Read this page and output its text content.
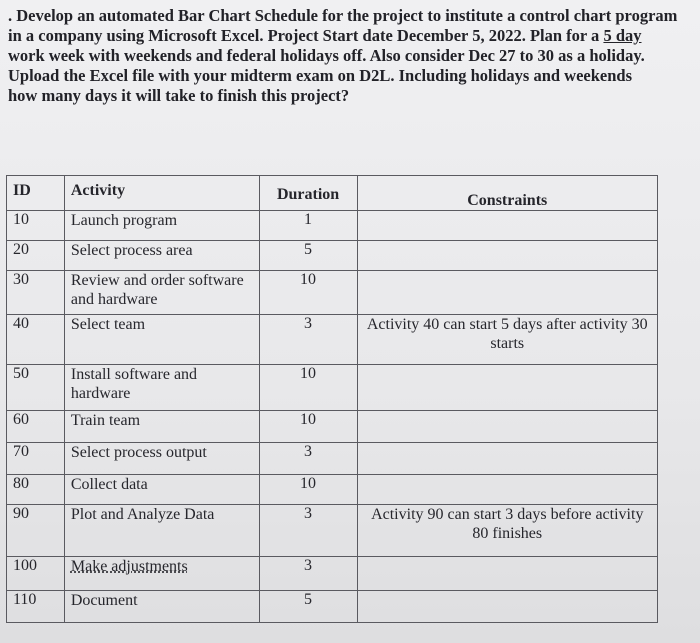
. Develop an automated Bar Chart Schedule for the project to institute a control chart program
in a company using Microsoft Excel. Project Start date December 5, 2022. Plan for a 5 day
work week with weekends and federal holidays off. Also consider Dec 27 to 30 as a holiday.
Upload the Excel file with your midterm exam on D2L. Including holidays and weekends
how many days it will take to finish this project?
ID	Activity	Duration	Constraints
10	Launch program	1	
20	Select process area	5	
30	Review and order software and hardware	10	
40	Select team	3	Activity 40 can start 5 days after activity 30 starts
50	Install software and hardware	10	
60	Train team	10	
70	Select process output	3	
80	Collect data	10	
90	Plot and Analyze Data	3	Activity 90 can start 3 days before activity 80 finishes
100	Make adjustments	3	
110	Document	5	
